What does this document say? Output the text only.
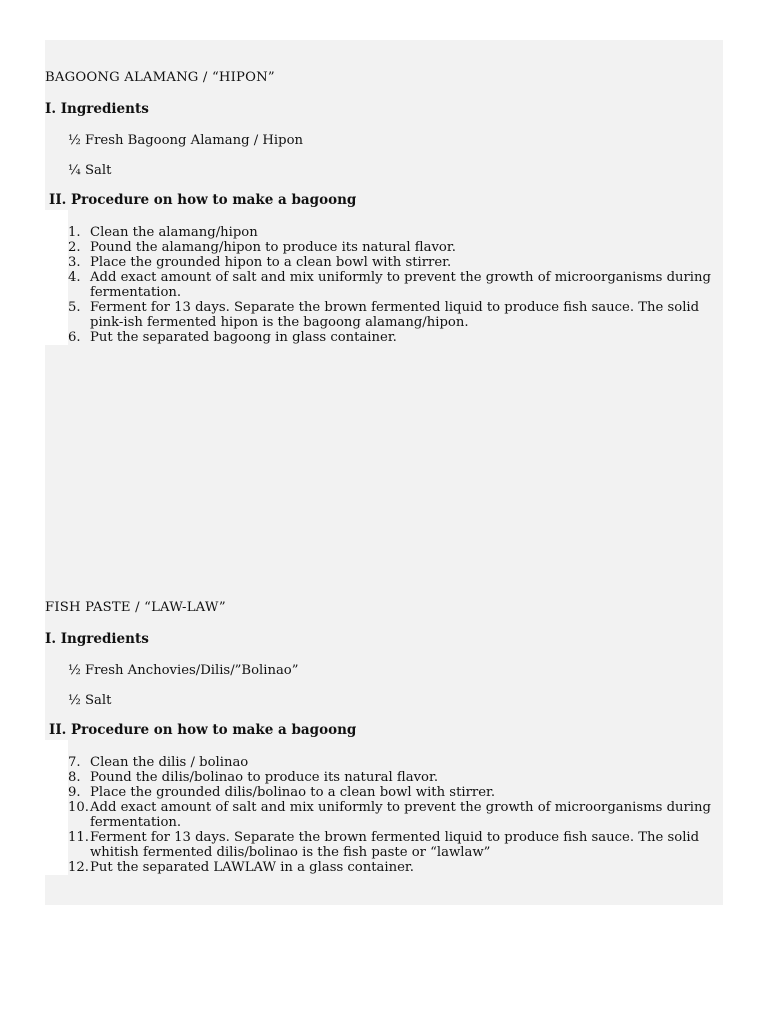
BAGOONG ALAMANG / “HIPON”
I. Ingredients
½ Fresh Bagoong Alamang / Hipon
¼ Salt
II. Procedure on how to make a bagoong
1. Clean the alamang/hipon
2. Pound the alamang/hipon to produce its natural flavor.
3. Place the grounded hipon to a clean bowl with stirrer.
4. Add exact amount of salt and mix uniformly to prevent the growth of microorganisms during
fermentation.
5. Ferment for 13 days. Separate the brown fermented liquid to produce fish sauce. The solid
pink-ish fermented hipon is the bagoong alamang/hipon.
6. Put the separated bagoong in glass container.
FISH PASTE / “LAW-LAW”
I. Ingredients
½ Fresh Anchovies/Dilis/”Bolinao”
½ Salt
II. Procedure on how to make a bagoong
7. Clean the dilis / bolinao
8. Pound the dilis/bolinao to produce its natural flavor.
9. Place the grounded dilis/bolinao to a clean bowl with stirrer.
10. Add exact amount of salt and mix uniformly to prevent the growth of microorganisms during
fermentation.
11. Ferment for 13 days. Separate the brown fermented liquid to produce fish sauce. The solid
whitish fermented dilis/bolinao is the fish paste or “lawlaw”
12. Put the separated LAWLAW in a glass container.
